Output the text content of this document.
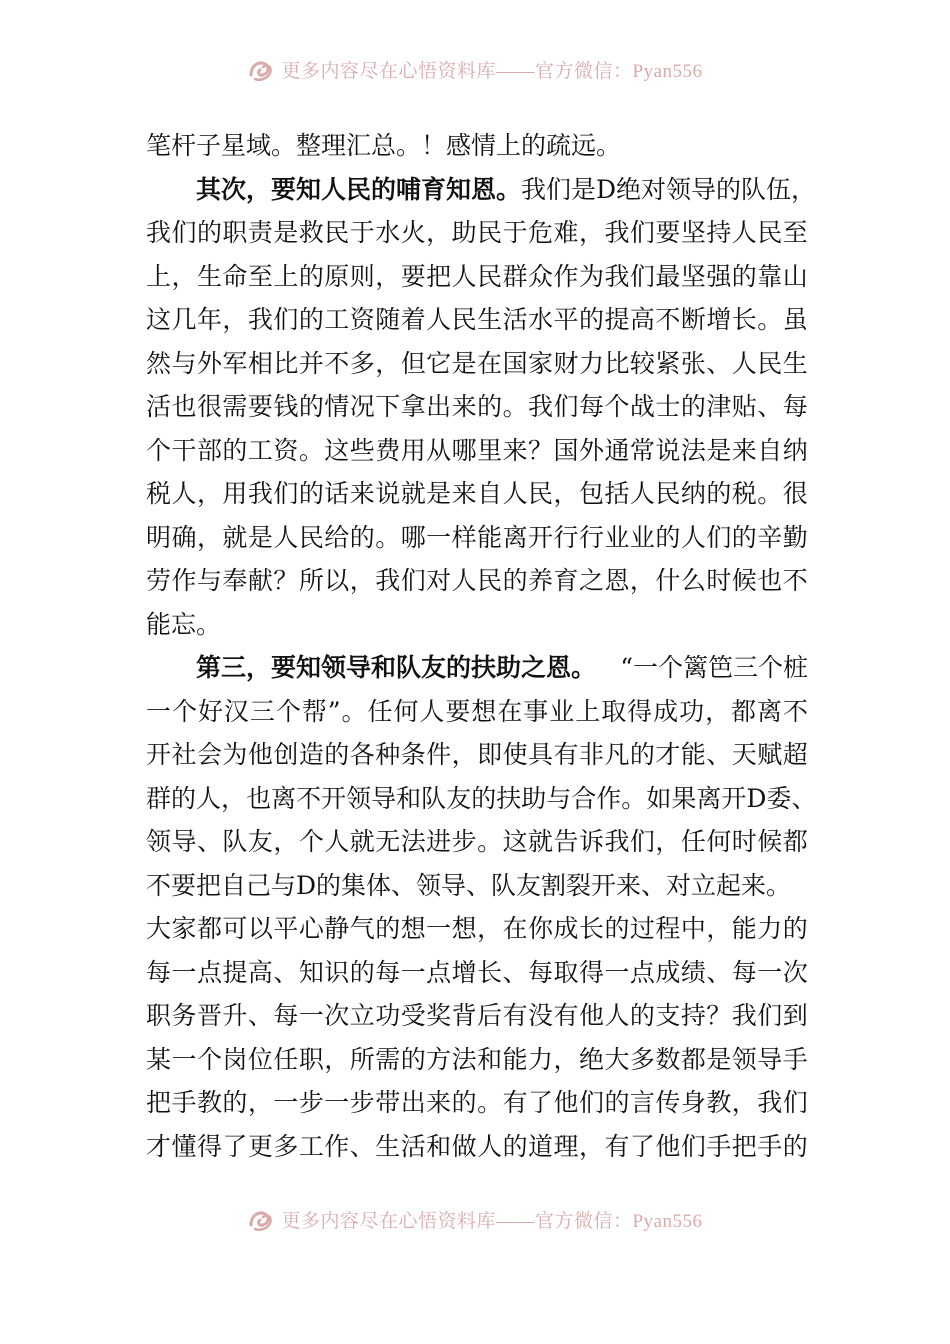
更多内容尽在心悟资料库——官方微信：Pyan556
笔杆子星域。整理汇总。！感情上的疏远。
其次，要知人民的哺育知恩。 我们是D绝对领导的队伍，
我 们 的 职 责 是 救 民 于 水 火 ， 助 民 于 危 难 ， 我 们 要 坚 持 人 民 至
上 ， 生 命 至 上 的 原 则 ， 要 把 人 民 群 众 作 为 我 们 最 坚 强 的 靠 山
这 几 年 ， 我 们 的 工 资 随 着 人 民 生 活 水 平 的 提 高 不 断 增 长 。 虽
然 与 外 军 相 比 并 不 多 ， 但 它 是 在 国 家 财 力 比 较 紧 张 、 人 民 生
活 也 很 需 要 钱 的 情 况 下 拿 出 来 的 。 我 们 每 个 战 士 的 津 贴 、 每
个 干 部 的 工 资 。 这 些 费 用 从 哪 里 来 ？ 国 外 通 常 说 法 是 来 自 纳
税 人 ， 用 我 们 的 话 来 说 就 是 来 自 人 民 ， 包 括 人 民 纳 的 税 。 很
明 确 ， 就 是 人 民 给 的 。 哪 一 样 能 离 开 行 行 业 业 的 人 们 的 辛 勤
劳 作 与 奉 献 ？ 所 以 ， 我 们 对 人 民 的 养 育 之 恩 ， 什 么 时 候 也 不
能忘。
第三，要知领导和队友的扶助之恩。 “一个篱笆三个桩
一 个 好 汉 三 个 帮 ” 。 任 何 人 要 想 在 事 业 上 取 得 成 功 ， 都 离 不
开 社 会 为 他 创 造 的 各 种 条 件 ， 即 使 具 有 非 凡 的 才 能 、 天 赋 超
群 的 人 ， 也 离 不 开 领 导 和 队 友 的 扶 助 与 合 作 。 如 果 离 开 D 委 、
领 导 、 队 友 ， 个 人 就 无 法 进 步 。 这 就 告 诉 我 们 ， 任 何 时 候 都
不要把自己与D的集体、领导、队友割裂开来、对立起来。
大 家 都 可 以 平 心 静 气 的 想 一 想 ， 在 你 成 长 的 过 程 中 ， 能 力 的
每 一 点 提 高 、 知 识 的 每 一 点 增 长 、 每 取 得 一 点 成 绩 、 每 一 次
职 务 晋 升 、 每 一 次 立 功 受 奖 背 后 有 没 有 他 人 的 支 持 ？ 我 们 到
某 一 个 岗 位 任 职 ， 所 需 的 方 法 和 能 力 ， 绝 大 多 数 都 是 领 导 手
把 手 教 的 ， 一 步 一 步 带 出 来 的 。 有 了 他 们 的 言 传 身 教 ， 我 们
才 懂 得 了 更 多 工 作 、 生 活 和 做 人 的 道 理 ， 有 了 他 们 手 把 手 的
更多内容尽在心悟资料库——官方微信：Pyan556
